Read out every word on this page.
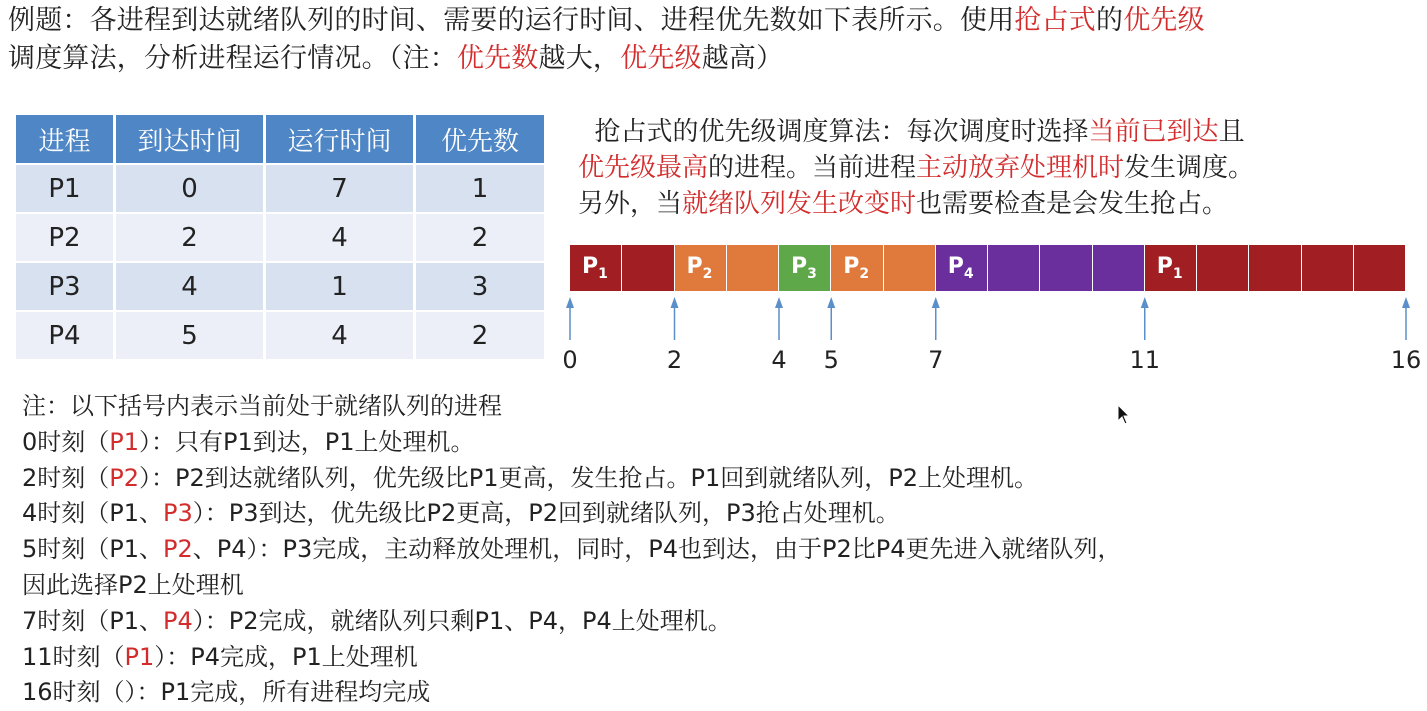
例题：各进程到达就绪队列的时间、需要的运行时间、进程优先数如下表所示。使用抢占式的优先级
调度算法，分析进程运行情况。（注：优先数越大，优先级越高）
进程	到达时间	运行时间	优先数
P1	0	7	1
P2	2	4	2
P3	4	1	3
P4	5	4	2
抢占式的优先级调度算法：每次调度时选择当前已到达且
优先级最高的进程。当前进程主动放弃处理机时发生调度。
另外，当就绪队列发生改变时也需要检查是会发生抢占。
$P_1$	$P_2$	$P_3$ $P_2$	$P_4$	$P_1$
0	2	4 5	7	11	16
注：以下括号内表示当前处于就绪队列的进程
0时刻（P1）：只有P1到达，P1上处理机。
2时刻（P2）：P2到达就绪队列，优先级比P1更高，发生抢占。P1回到就绪队列，P2上处理机。
4时刻（P1、P3）：P3到达，优先级比P2更高，P2回到就绪队列，P3抢占处理机。
5时刻（P1、P2、P4）：P3完成，主动释放处理机，同时，P4也到达，由于P2比P4更先进入就绪队列，
因此选择P2上处理机
7时刻（P1、P4）：P2完成，就绪队列只剩P1、P4，P4上处理机。
11时刻（P1）：P4完成，P1上处理机
16时刻（）：P1完成，所有进程均完成
